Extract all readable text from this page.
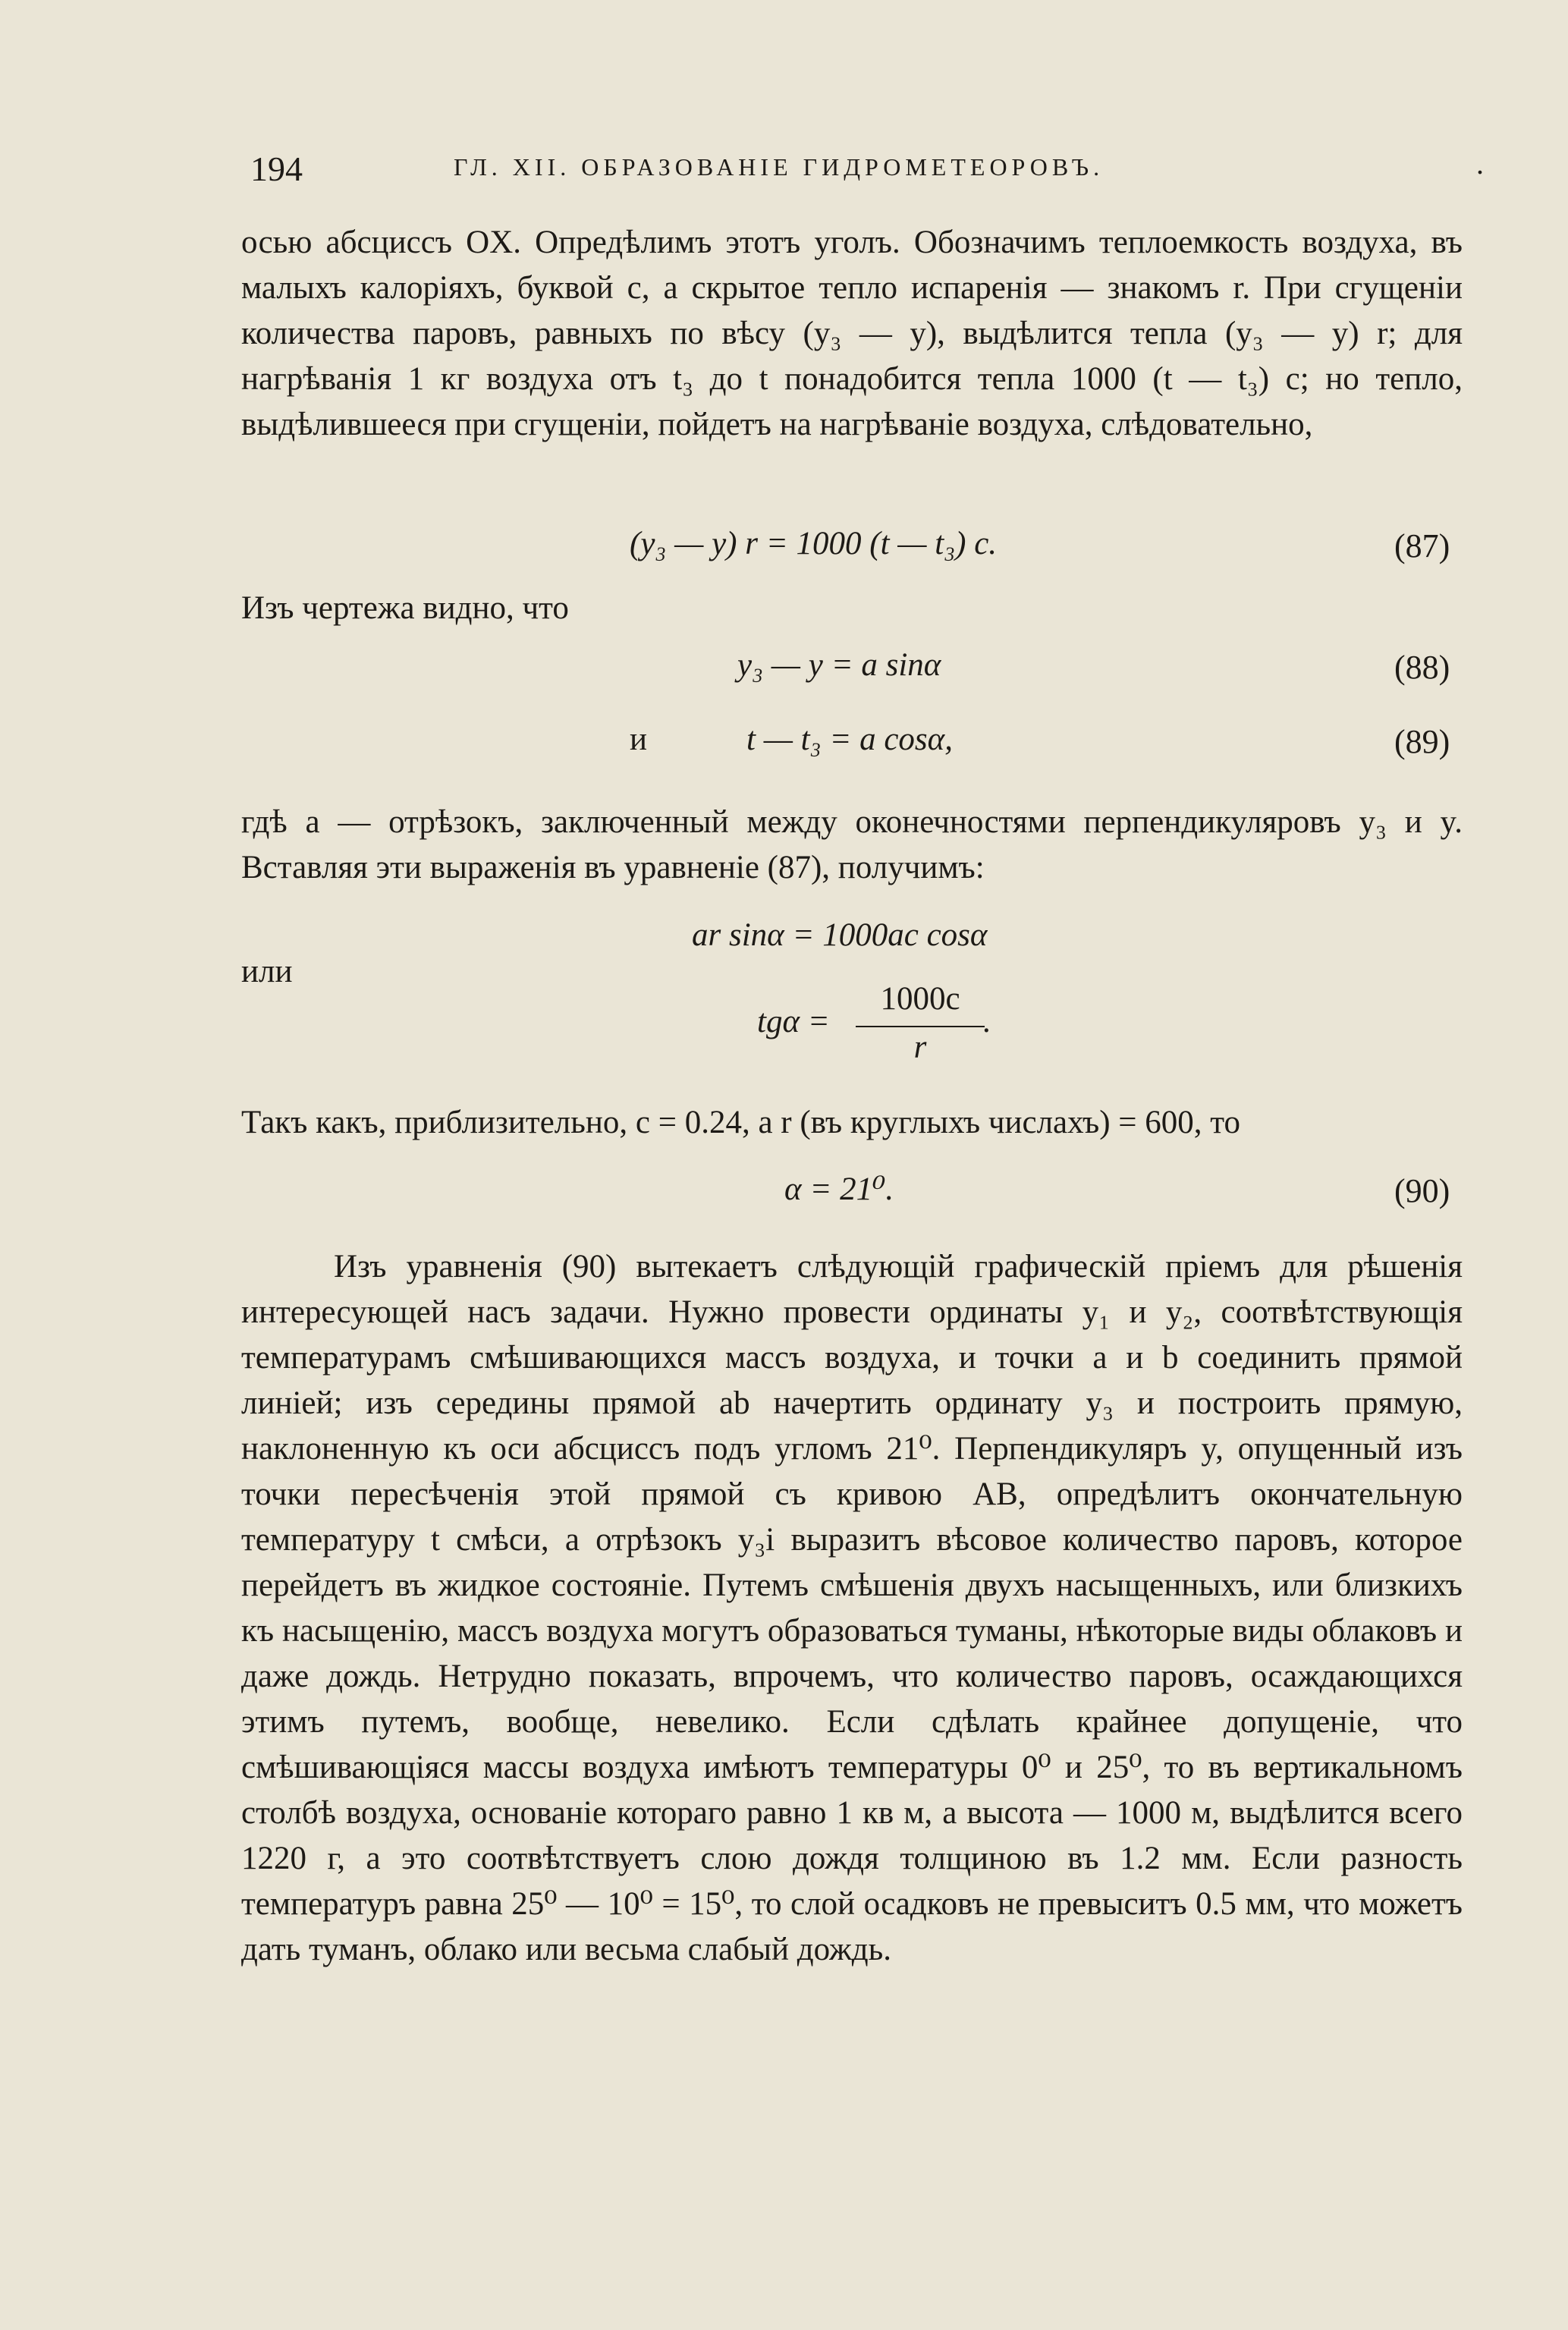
194	ГЛ. XII. ОБРАЗОВАНІЕ ГИДРОМЕТЕОРОВЪ.	.

осью абсциссъ OX. Опредѣлимъ этотъ уголъ. Обозначимъ теплоемкость воздуха, въ малыхъ калоріяхъ, буквой c, а скрытое тепло испаренія — знакомъ r. При сгущеніи количества паровъ, равныхъ по вѣсу (y₃ — y), выдѣлится тепла (y₃ — y) r; для нагрѣванія 1 кг воздуха отъ t₃ до t понадобится тепла 1000 (t — t₃) c; но тепло, выдѣлившееся при сгущеніи, пойдетъ на нагрѣваніе воздуха, слѣдовательно,

(y₃ — y) r = 1000 (t — t₃) c.	(87)

Изъ чертежа видно, что

y₃ — y = a sinα	(88)
и	t — t₃ = a cosα,	(89)

гдѣ a — отрѣзокъ, заключенный между оконечностями перпендикуляровъ y₃ и y. Вставляя эти выраженія въ уравненіе (87), получимъ:

ar sinα = 1000ac cosα
или
tgα =
1000c
r
.

Такъ какъ, приблизительно, c = 0.24, а r (въ круглыхъ числахъ) = 600, то

α = 21⁰.	(90)

Изъ уравненія (90) вытекаетъ слѣдующій графическій пріемъ для рѣшенія интересующей насъ задачи. Нужно провести ординаты y₁ и y₂, соотвѣтствующія температурамъ смѣшивающихся массъ воздуха, и точки a и b соединить прямой линіей; изъ середины прямой ab начертить ординату y₃ и построить прямую, наклоненную къ оси абсциссъ подъ угломъ 21⁰. Перпендикуляръ y, опущенный изъ точки пересѣченія этой прямой съ кривою AB, опредѣлитъ окончательную температуру t смѣси, а отрѣзокъ y₃i выразитъ вѣсовое количество паровъ, которое перейдетъ въ жидкое состояніе. Путемъ смѣшенія двухъ насыщенныхъ, или близкихъ къ насыщенію, массъ воздуха могутъ образоваться туманы, нѣкоторые виды облаковъ и даже дождь. Нетрудно показать, впрочемъ, что количество паровъ, осаждающихся этимъ путемъ, вообще, невелико. Если сдѣлать крайнее допущеніе, что смѣшивающіяся массы воздуха имѣютъ температуры 0⁰ и 25⁰, то въ вертикальномъ столбѣ воздуха, основаніе котораго равно 1 кв м, а высота — 1000 м, выдѣлится всего 1220 г, а это соотвѣтствуетъ слою дождя толщиною въ 1.2 мм. Если разность температуръ равна 25⁰ — 10⁰ = 15⁰, то слой осадковъ не превыситъ 0.5 мм, что можетъ дать туманъ, облако или весьма слабый дождь.
